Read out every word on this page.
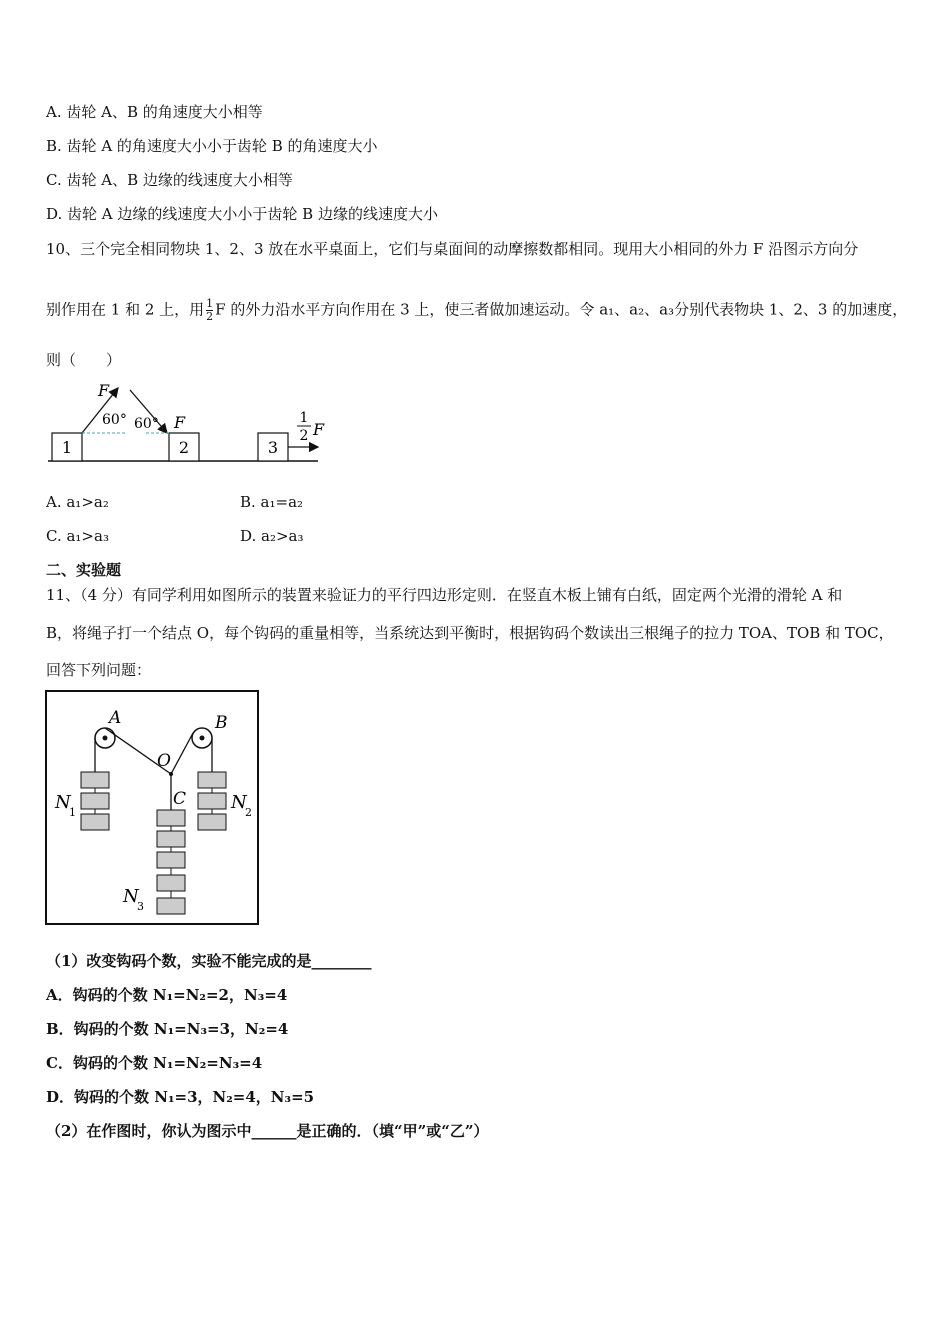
A. 齿轮 A、B 的角速度大小相等
B. 齿轮 A 的角速度大小小于齿轮 B 的角速度大小
C. 齿轮 A、B 边缘的线速度大小相等
D. 齿轮 A 边缘的线速度大小小于齿轮 B 边缘的线速度大小
10、三个完全相同物块 1、2、3 放在水平桌面上，它们与桌面间的动摩擦数都相同。现用大小相同的外力 F 沿图示方向分
别作用在 1 和 2 上，用 $\frac{1}{2}$ F 的外力沿水平方向作用在 3 上，使三者做加速运动。令 a₁、a₂、a₃分别代表物块 1、2、3 的加速度，
则（　　）
1	2	3
F
60° 60° F	1
2 F
A. a₁>a₂	B. a₁=a₂
C. a₁>a₃	D. a₂>a₃
二、实验题
11、（4 分）有同学利用如图所示的装置来验证力的平行四边形定则．在竖直木板上铺有白纸，固定两个光滑的滑轮 A 和
B，将绳子打一个结点 O，每个钩码的重量相等，当系统达到平衡时，根据钩码个数读出三根绳子的拉力 TOA、TOB 和 TOC，
回答下列问题：
A	B
O
C
N
1	N
2
N
3
（1）改变钩码个数，实验不能完成的是________
A．钩码的个数 N₁=N₂=2，N₃=4
B．钩码的个数 N₁=N₃=3，N₂=4
C．钩码的个数 N₁=N₂=N₃=4
D．钩码的个数 N₁=3，N₂=4，N₃=5
（2）在作图时，你认为图示中______是正确的．（填“甲”或“乙”）
